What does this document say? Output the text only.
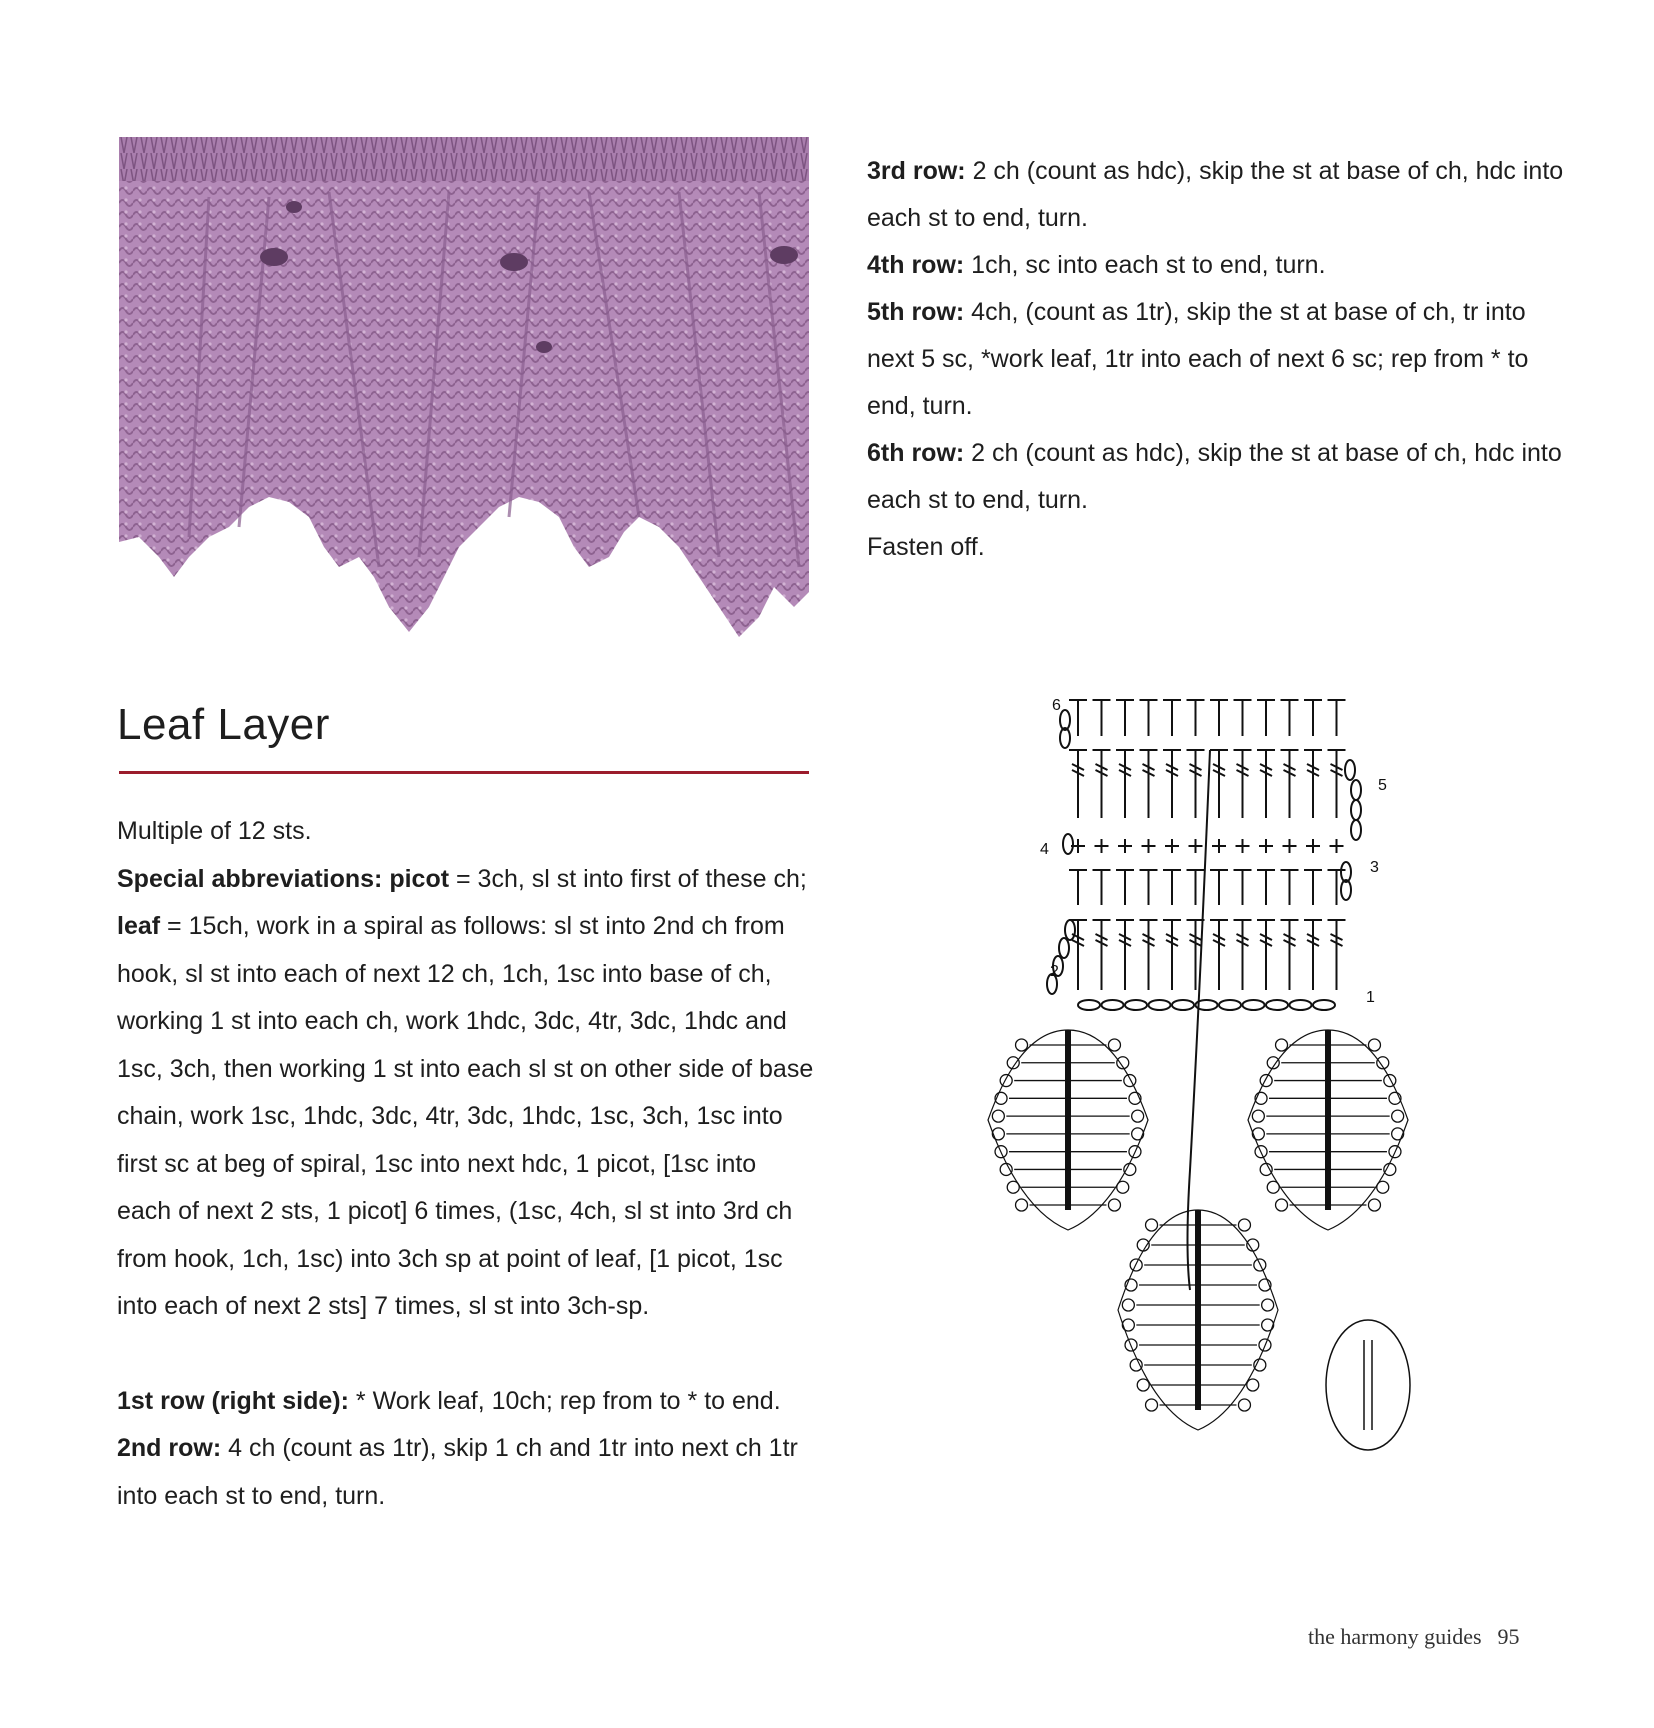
3rd row: 2 ch (count as hdc), skip the st at base of ch, hdc into each st to end, turn.

4th row: 1ch, sc into each st to end, turn.

5th row: 4ch, (count as 1tr), skip the st at base of ch, tr into next 5 sc, *work leaf, 1tr into each of next 6 sc; rep from * to end, turn.

6th row: 2 ch (count as hdc), skip the st at base of ch, hdc into each st to end, turn.

Fasten off.

Leaf Layer

Multiple of 12 sts.

Special abbreviations: picot = 3ch, sl st into first of these ch; leaf = 15ch, work in a spiral as follows: sl st into 2nd ch from hook, sl st into each of next 12 ch, 1ch, 1sc into base of ch, working 1 st into each ch, work 1hdc, 3dc, 4tr, 3dc, 1hdc and 1sc, 3ch, then working 1 st into each sl st on other side of base chain, work 1sc, 1hdc, 3dc, 4tr, 3dc, 1hdc, 1sc, 3ch, 1sc into first sc at beg of spiral, 1sc into next hdc, 1 picot, [1sc into each of next 2 sts, 1 picot] 6 times, (1sc, 4ch, sl st into 3rd ch from hook, 1ch, 1sc) into 3ch sp at point of leaf, [1 picot, 1sc into each of next 2 sts] 7 times, sl st into 3ch-sp.

1st row (right side): * Work leaf, 10ch; rep from to * to end.

2nd row: 4 ch (count as 1tr), skip 1 ch and 1tr into next ch 1tr into each st to end, turn.

6
5
4
3
2
1
the harmony guides 95
